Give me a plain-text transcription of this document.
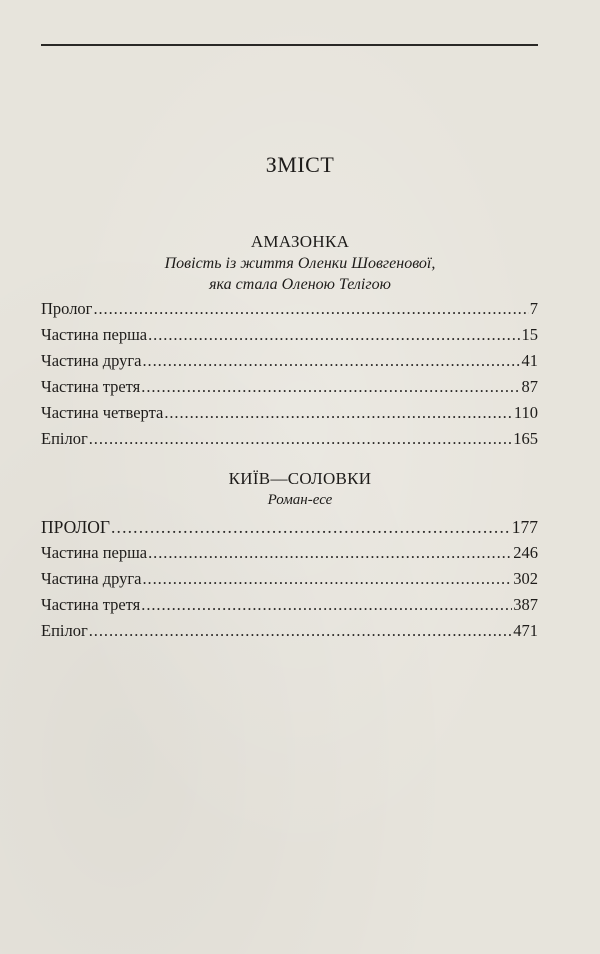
ЗМІСТ
АМАЗОНКА
Повість із життя Оленки Шовгенової,
яка стала Оленою Телігою
Пролог . . .	7
Частина перша . . .	15
Частина друга . . .	41
Частина третя . . .	87
Частина четверта . . .	110
Епілог . . .	165
КИЇВ—СОЛОВКИ
Роман-есе
ПРОЛОГ . . .	177
Частина перша . . .	246
Частина друга . . .	302
Частина третя . . .	387
Епілог . . .	471
